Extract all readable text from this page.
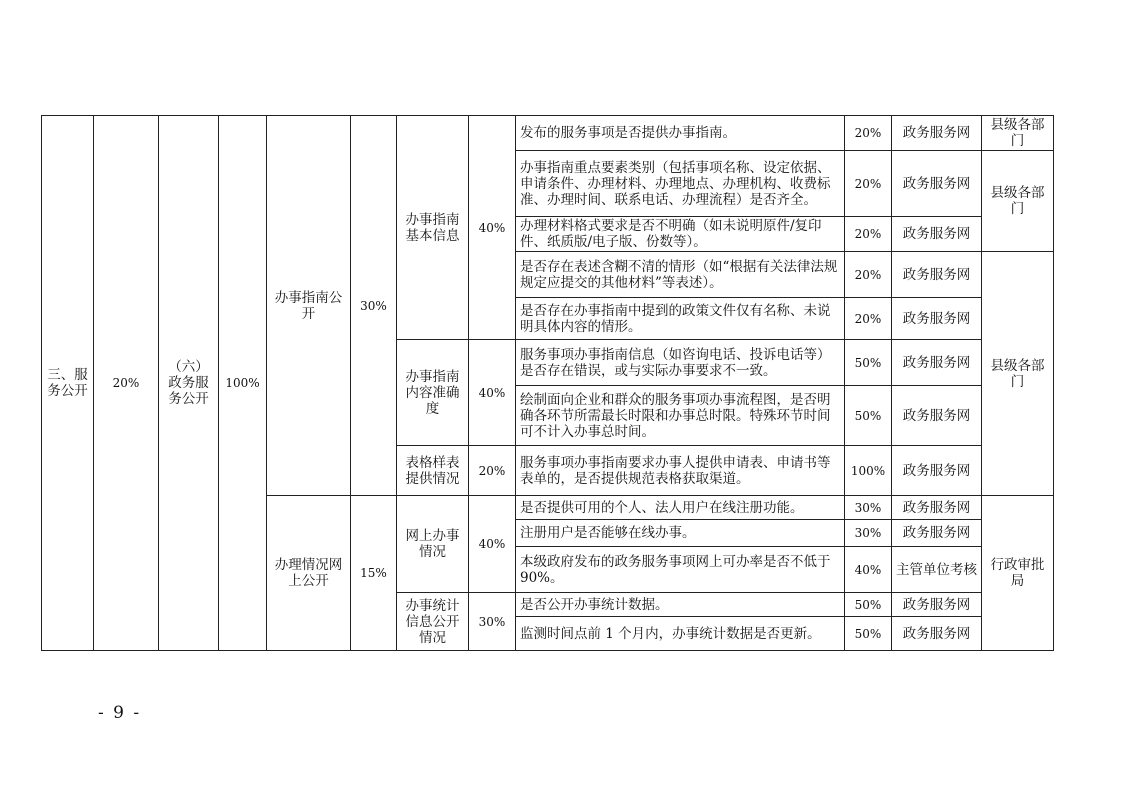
三、服务公开	20%	（六）政务服务公开	100%	办事指南公开	30%	办事指南基本信息	40%	发布的服务事项是否提供办事指南。	20%	政务服务网	县级各部门
								办事指南重点要素类别（包括事项名称、设定依据、申请条件、办理材料、办理地点、办理机构、收费标准、办理时间、联系电话、办理流程）是否齐全。	20%	政务服务网	县级各部门
								办理材料格式要求是否不明确（如未说明原件/复印件、纸质版/电子版、份数等）。	20%	政务服务网	
								是否存在表述含糊不清的情形（如“根据有关法律法规规定应提交的其他材料”等表述）。	20%	政务服务网	县级各部门
								是否存在办事指南中提到的政策文件仅有名称、未说明具体内容的情形。	20%	政务服务网	
						办事指南内容准确度	40%	服务事项办事指南信息（如咨询电话、投诉电话等）是否存在错误，或与实际办事要求不一致。	50%	政务服务网	
								绘制面向企业和群众的服务事项办事流程图，是否明确各环节所需最长时限和办事总时限。特殊环节时间可不计入办事总时间。	50%	政务服务网	
						表格样表提供情况	20%	服务事项办事指南要求办事人提供申请表、申请书等表单的，是否提供规范表格获取渠道。	100%	政务服务网	
				办理情况网上公开	15%	网上办事情况	40%	是否提供可用的个人、法人用户在线注册功能。	30%	政务服务网	行政审批局
								注册用户是否能够在线办事。	30%	政务服务网	
								本级政府发布的政务服务事项网上可办率是否不低于 90%。	40%	主管单位考核	
						办事统计信息公开情况	30%	是否公开办事统计数据。	50%	政务服务网	
								监测时间点前 1 个月内，办事统计数据是否更新。	50%	政务服务网	
- 9 -
